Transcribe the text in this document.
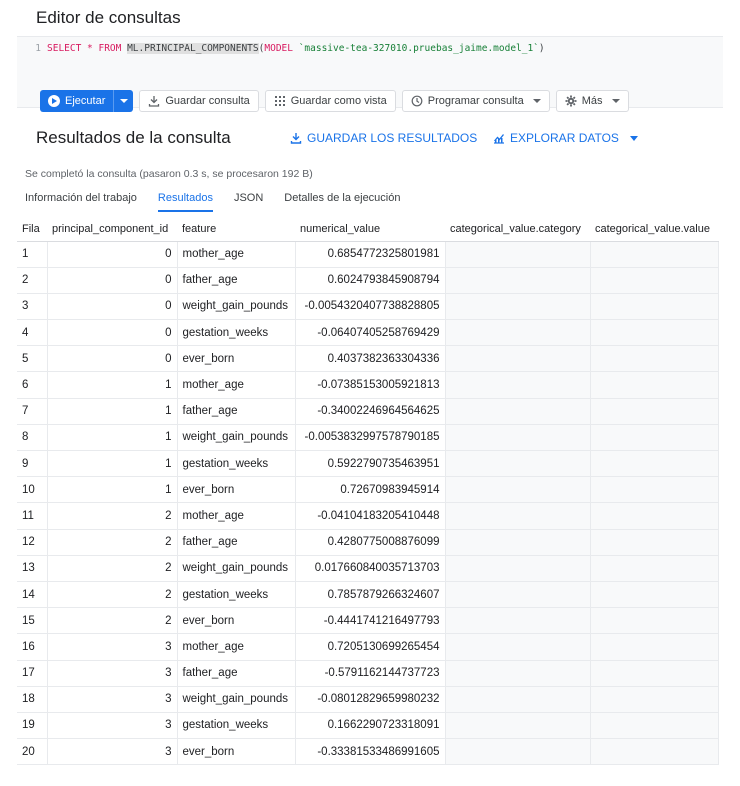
Editor de consultas
1 SELECT * FROM ML.PRINCIPAL_COMPONENTS(MODEL `massive-tea-327010.pruebas_jaime.model_1`)
Ejecutar	Guardar consulta	Guardar como vista	Programar consulta	Más
Resultados de la consulta	GUARDAR LOS RESULTADOS	EXPLORAR DATOS
Se completó la consulta (pasaron 0.3 s, se procesaron 192 B)
Información del trabajo Resultados JSON Detalles de la ejecución
Fila	principal_component_id	feature	numerical_value	categorical_value.category	categorical_value.value
1	0	mother_age	0.6854772325801981		
2	0	father_age	0.6024793845908794		
3	0	weight_gain_pounds	-0.0054320407738828805		
4	0	gestation_weeks	-0.06407405258769429		
5	0	ever_born	0.4037382363304336		
6	1	mother_age	-0.07385153005921813		
7	1	father_age	-0.34002246964564625		
8	1	weight_gain_pounds	-0.0053832997578790185		
9	1	gestation_weeks	0.5922790735463951		
10	1	ever_born	0.72670983945914		
11	2	mother_age	-0.04104183205410448		
12	2	father_age	0.4280775008876099		
13	2	weight_gain_pounds	0.017660840035713703		
14	2	gestation_weeks	0.7857879266324607		
15	2	ever_born	-0.4441741216497793		
16	3	mother_age	0.7205130699265454		
17	3	father_age	-0.5791162144737723		
18	3	weight_gain_pounds	-0.08012829659980232		
19	3	gestation_weeks	0.1662290723318091		
20	3	ever_born	-0.33381533486991605		
